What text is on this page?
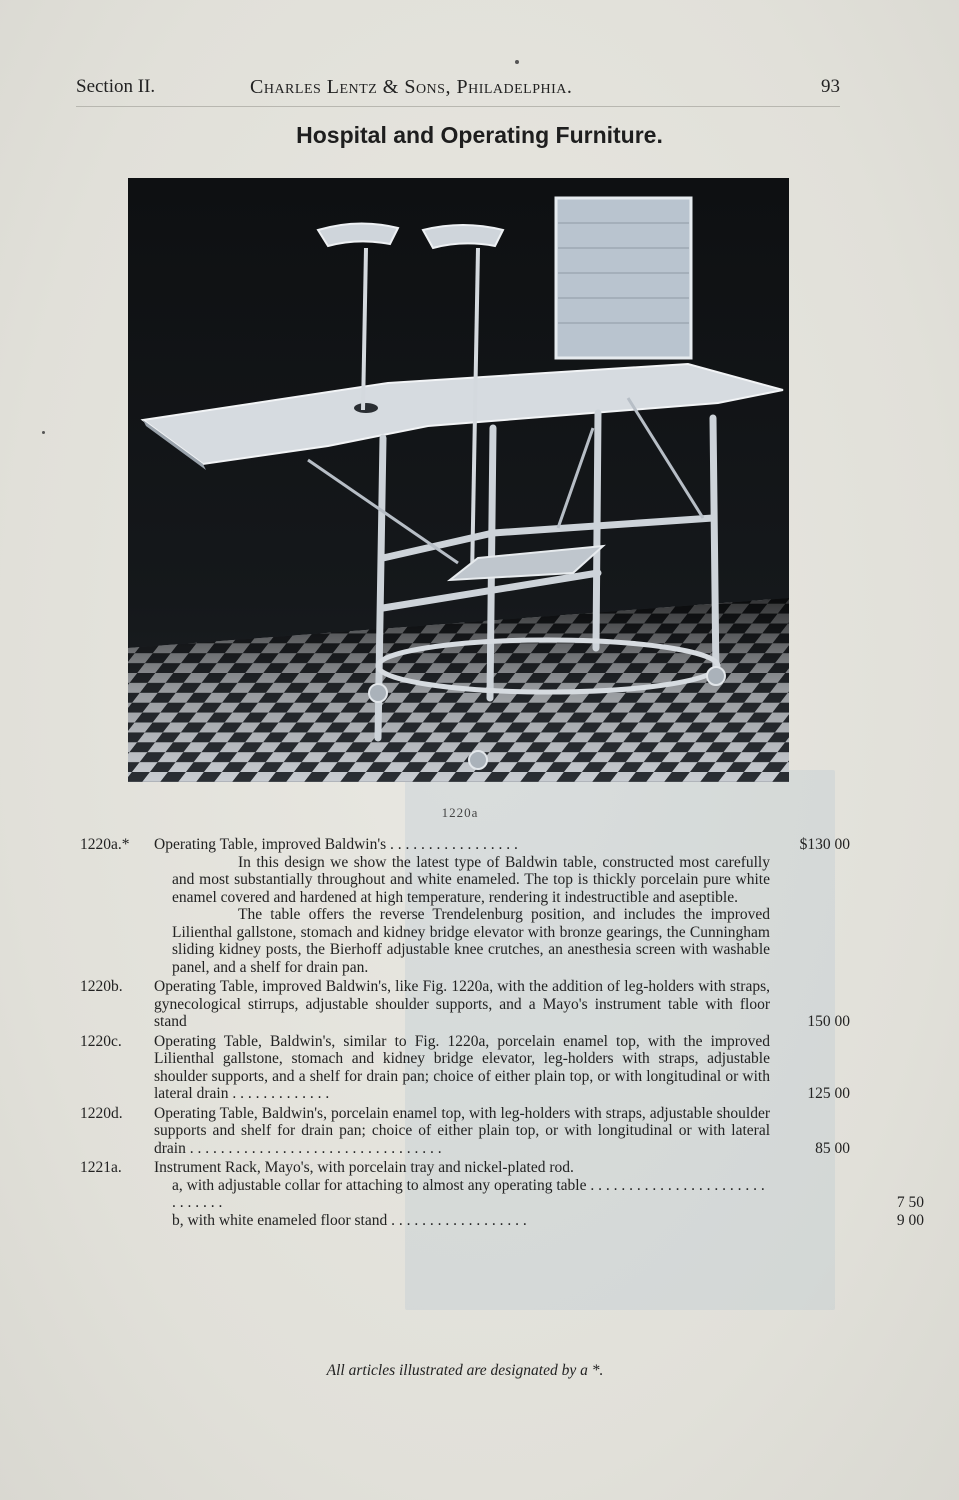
Section II.	Charles Lentz & Sons, Philadelphia.	93
Hospital and Operating Furniture.
1220a
1220a.* Operating Table, improved Baldwin's . . . . . . . . . . . . . . . . .	$130 00
In this design we show the latest type of Baldwin table, constructed most carefully and most substantially throughout and white enameled. The top is thickly porcelain pure white enamel covered and hardened at high temperature, rendering it indestructible and aseptible.
The table offers the reverse Trendelenburg position, and includes the improved Lilienthal gallstone, stomach and kidney bridge elevator with bronze gearings, the Cunningham sliding kidney posts, the Bierhoff adjustable knee crutches, an anesthesia screen with washable panel, and a shelf for drain pan.
1220b. Operating Table, improved Baldwin's, like Fig. 1220a, with the addition of leg-holders with straps, gynecological stirrups, adjustable shoulder supports, and a Mayo's instrument table with floor stand	150 00
1220c. Operating Table, Baldwin's, similar to Fig. 1220a, porcelain enamel top, with the improved Lilienthal gallstone, stomach and kidney bridge elevator, leg-holders with straps, adjustable shoulder supports, and a shelf for drain pan; choice of either plain top, or with longitudinal or with lateral drain . . . . . . . . . . . . .	125 00
1220d. Operating Table, Baldwin's, porcelain enamel top, with leg-holders with straps, adjustable shoulder supports and shelf for drain pan; choice of either plain top, or with longitudinal or with lateral drain . . . . . . . . . . . . . . . . . . . . . . . . . . . . . . . . .	85 00
1221a. Instrument Rack, Mayo's, with porcelain tray and nickel-plated rod.
a, with adjustable collar for attaching to almost any operating table . . . . . . . . . . . . . . . . . . . . . . . . . . . . . .	7 50
b, with white enameled floor stand . . . . . . . . . . . . . . . . . .	9 00
All articles illustrated are designated by a *.
